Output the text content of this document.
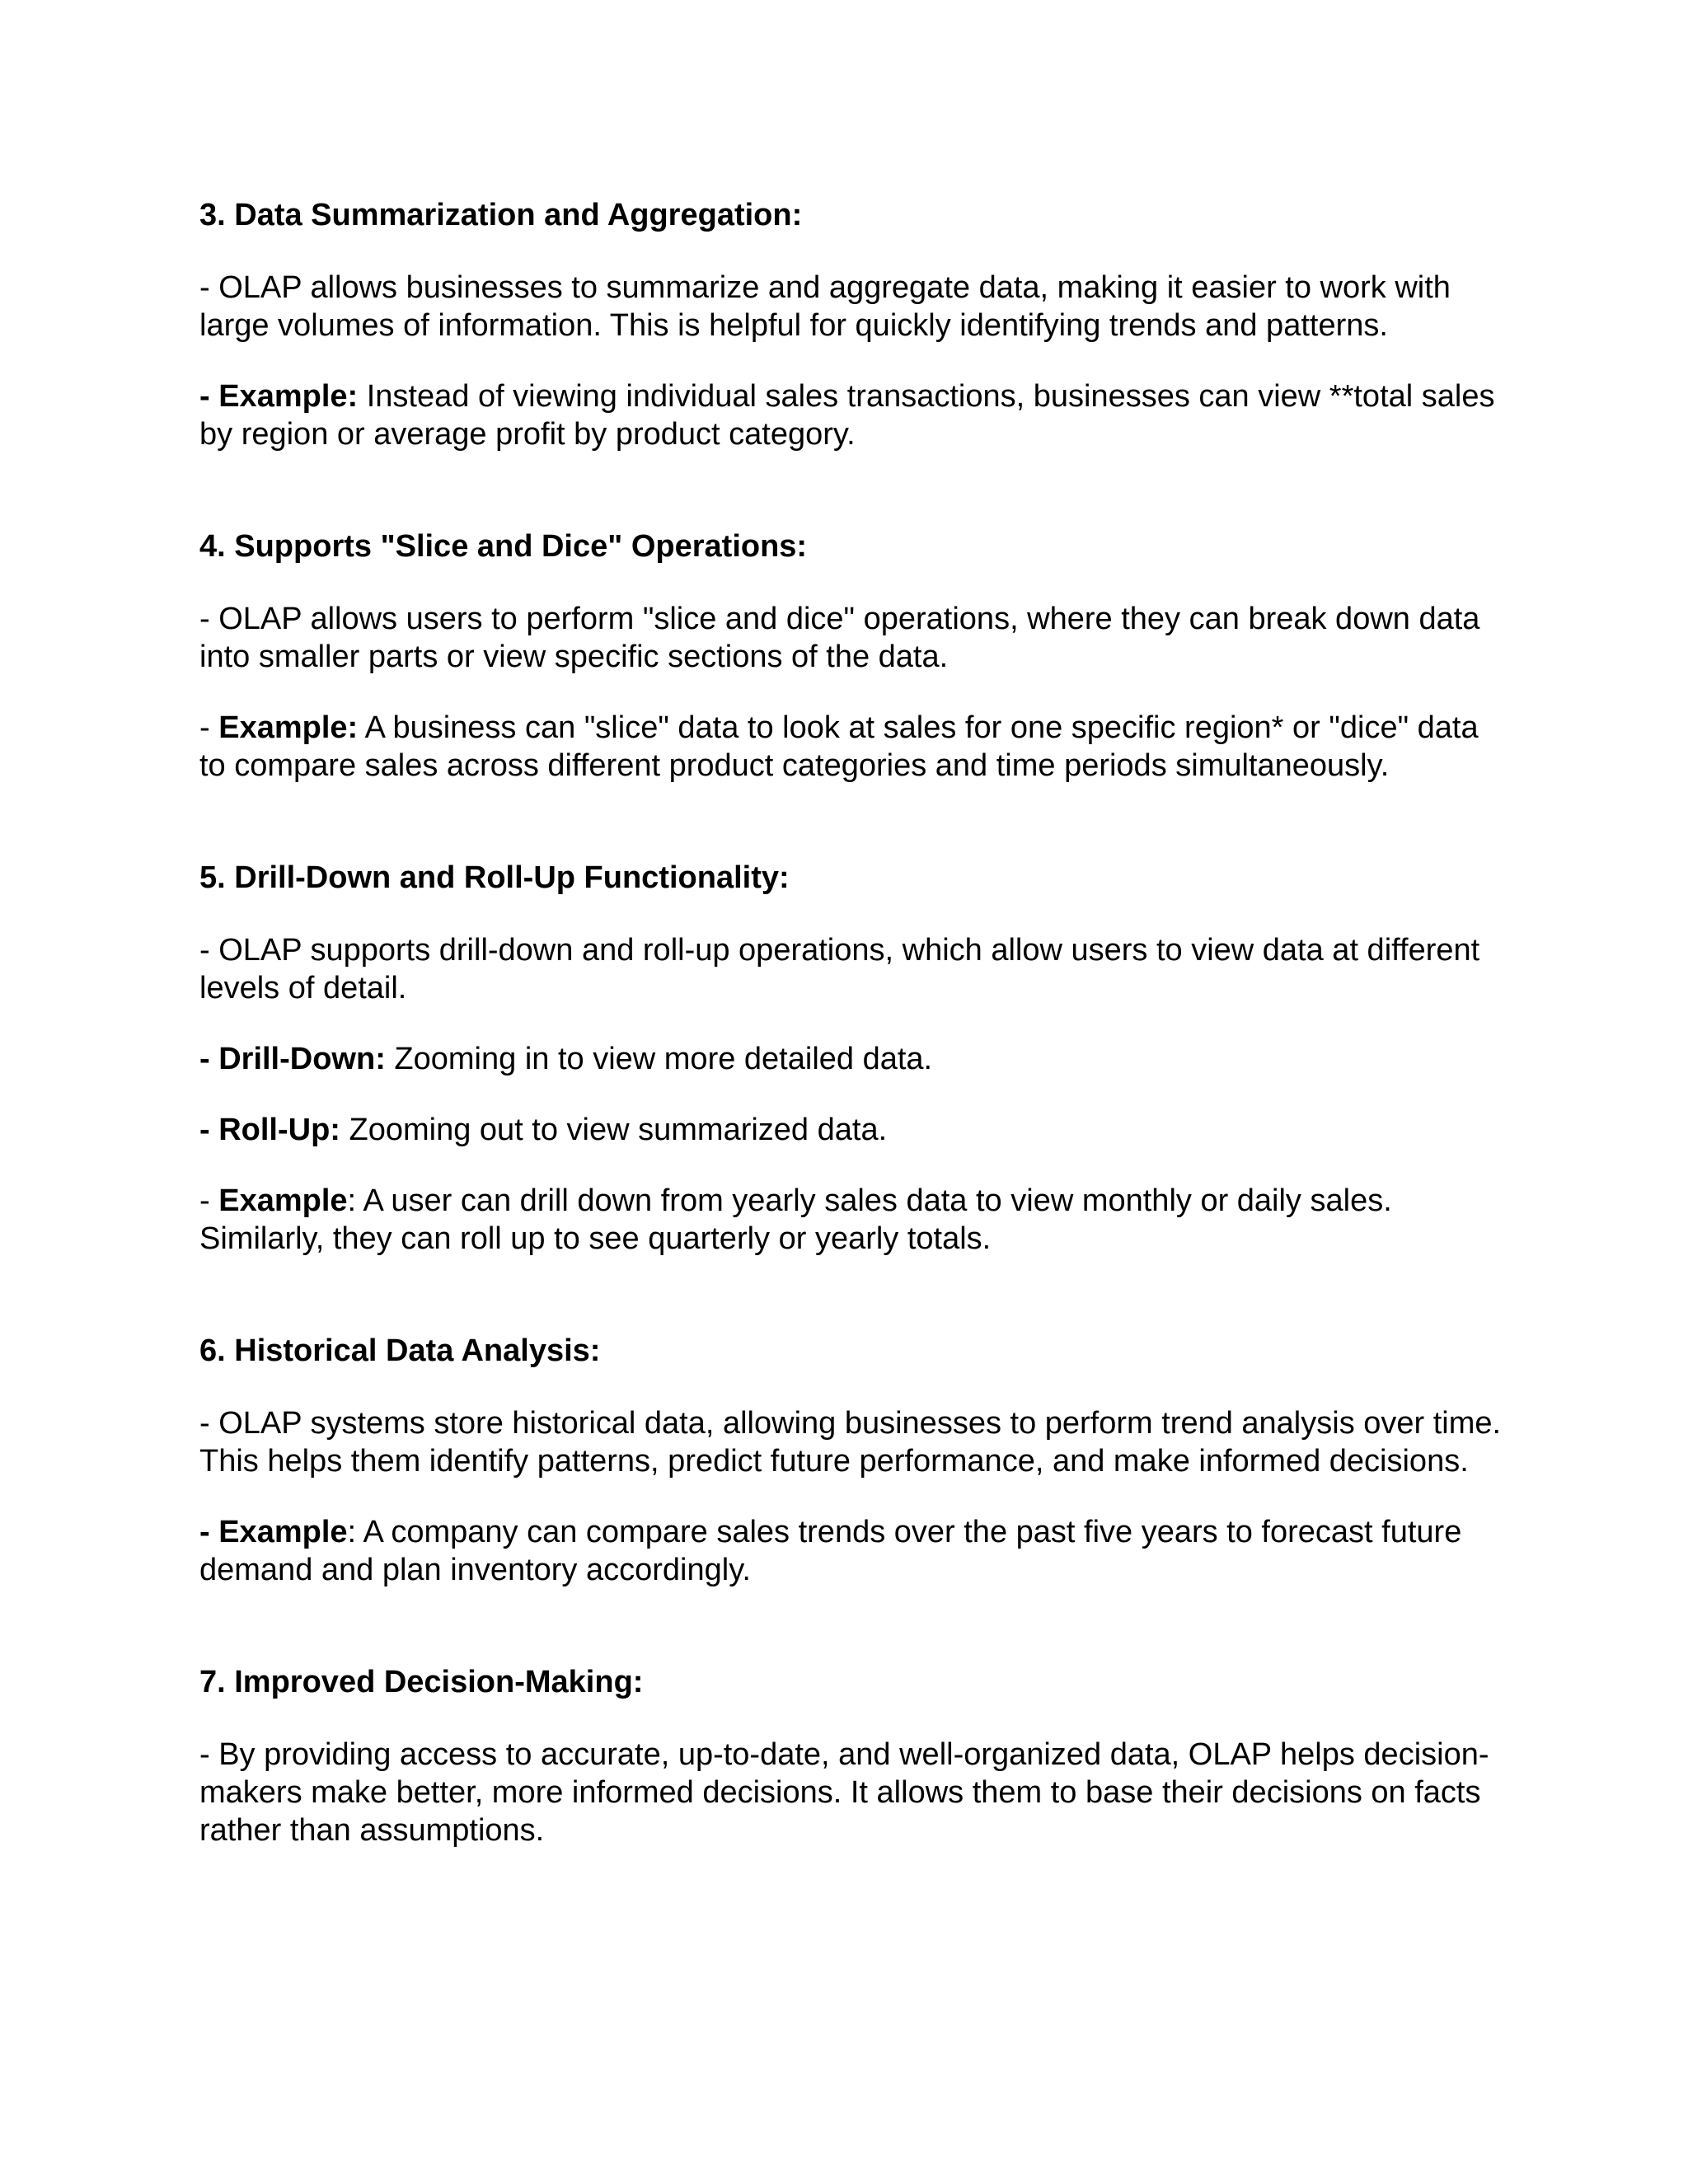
3. Data Summarization and Aggregation:

- OLAP allows businesses to summarize and aggregate data, making it easier to work with large volumes of information. This is helpful for quickly identifying trends and patterns.

- Example: Instead of viewing individual sales transactions, businesses can view **total sales by region or average profit by product category.

4. Supports "Slice and Dice" Operations:

- OLAP allows users to perform "slice and dice" operations, where they can break down data into smaller parts or view specific sections of the data.

- Example: A business can "slice" data to look at sales for one specific region* or "dice" data to compare sales across different product categories and time periods simultaneously.

5. Drill-Down and Roll-Up Functionality:

- OLAP supports drill-down and roll-up operations, which allow users to view data at different levels of detail.

- Drill-Down: Zooming in to view more detailed data.

- Roll-Up: Zooming out to view summarized data.

- Example: A user can drill down from yearly sales data to view monthly or daily sales. Similarly, they can roll up to see quarterly or yearly totals.

6. Historical Data Analysis:

- OLAP systems store historical data, allowing businesses to perform trend analysis over time. This helps them identify patterns, predict future performance, and make informed decisions.

- Example: A company can compare sales trends over the past five years to forecast future demand and plan inventory accordingly.

7. Improved Decision-Making:

- By providing access to accurate, up-to-date, and well-organized data, OLAP helps decision-makers make better, more informed decisions. It allows them to base their decisions on facts rather than assumptions.
